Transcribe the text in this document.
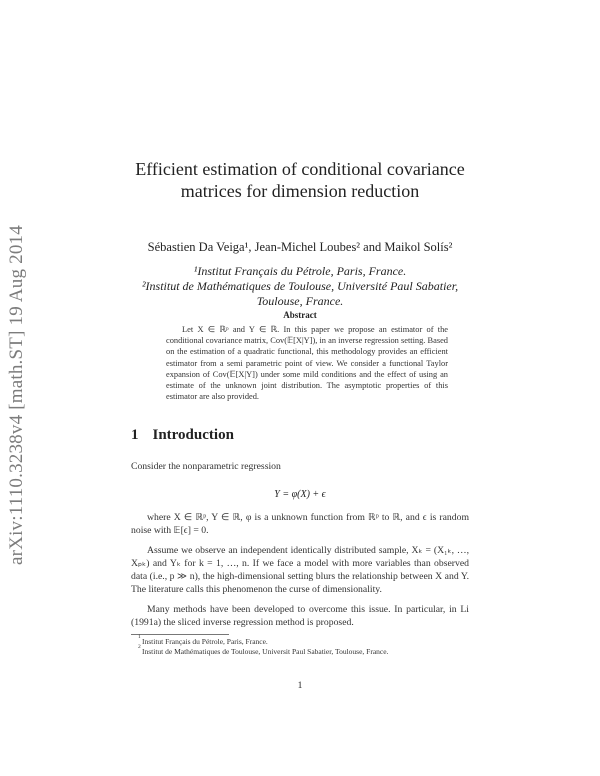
arXiv:1110.3238v4 [math.ST] 19 Aug 2014
Efficient estimation of conditional covariance
matrices for dimension reduction
Sébastien Da Veiga¹, Jean-Michel Loubes² and Maikol Solís²
¹Institut Français du Pétrole, Paris, France.
²Institut de Mathématiques de Toulouse, Université Paul Sabatier,
Toulouse, France.
Abstract
Let X ∈ ℝᵖ and Y ∈ ℝ. In this paper we propose an estimator of the conditional covariance matrix, Cov(𝔼[X|Y]), in an inverse regression setting. Based on the estimation of a quadratic functional, this methodology provides an efficient estimator from a semi parametric point of view. We consider a functional Taylor expansion of Cov(𝔼[X|Y]) under some mild conditions and the effect of using an estimate of the unknown joint distribution. The asymptotic properties of this estimator are also provided.
1 Introduction
Consider the nonparametric regression
Y = φ(X) + ϵ
where X ∈ ℝᵖ, Y ∈ ℝ, φ is a unknown function from ℝᵖ to ℝ, and ϵ is random noise with 𝔼[ϵ] = 0.
Assume we observe an independent identically distributed sample, Xₖ = (X₁ₖ, …, Xₚₖ) and Yₖ for k = 1, …, n. If we face a model with more variables than observed data (i.e., p ≫ n), the high-dimensional setting blurs the relationship between X and Y. The literature calls this phenomenon the curse of dimensionality.
Many methods have been developed to overcome this issue. In particular, in Li (1991a) the sliced inverse regression method is proposed.
1 Institut Français du Pétrole, Paris, France.
2 Institut de Mathématiques de Toulouse, Universit Paul Sabatier, Toulouse, France.
1
